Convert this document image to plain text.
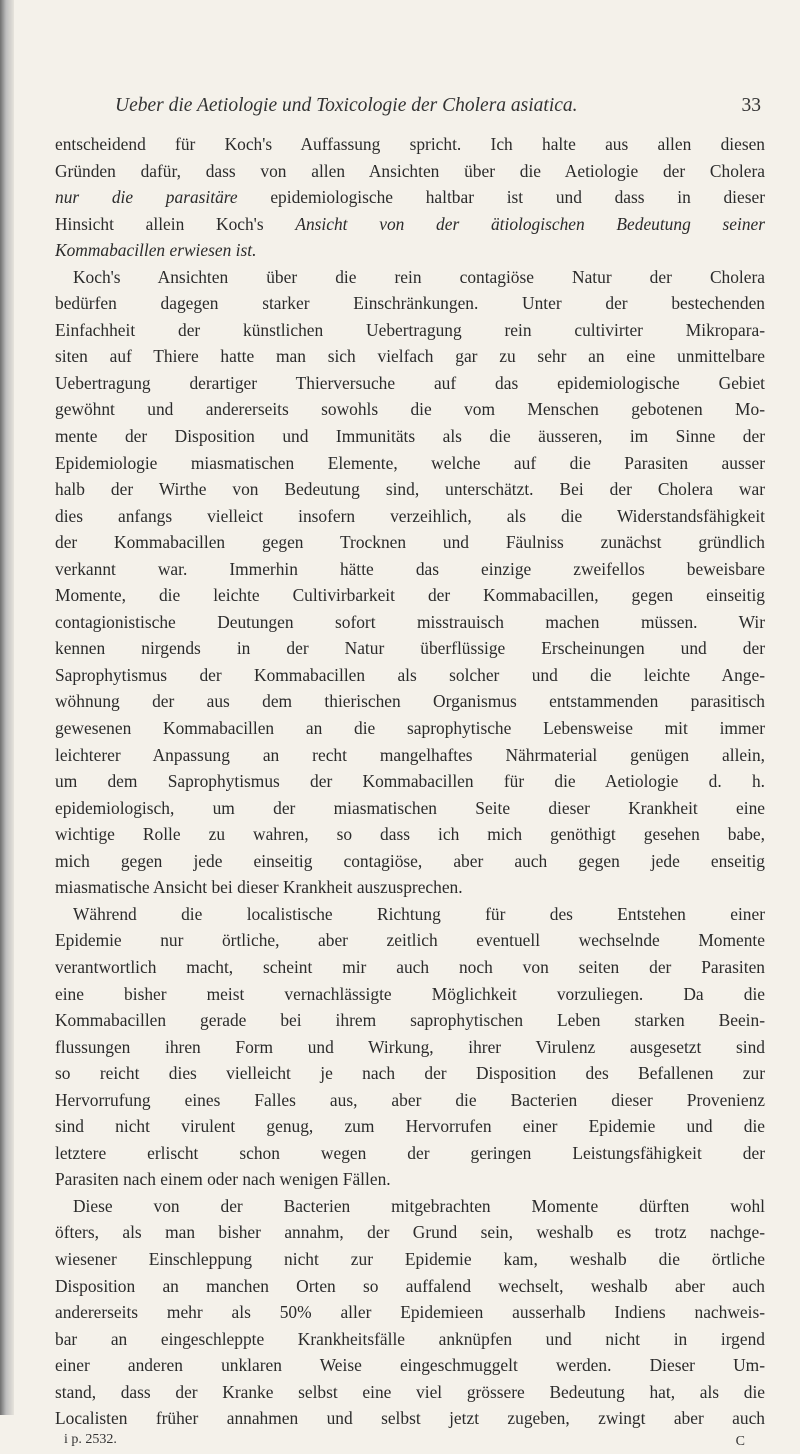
Ueber die Aetiologie und Toxicologie der Cholera asiatica.	33
entscheidend für Koch's Auffassung spricht. Ich halte aus allen diesen
Gründen dafür, dass von allen Ansichten über die Aetiologie der Cholera
nur die parasitäre epidemiologische haltbar ist und dass in dieser
Hinsicht allein Koch's Ansicht von der ätiologischen Bedeutung seiner
Kommabacillen erwiesen ist.
Koch's Ansichten über die rein contagiöse Natur der Cholera
bedürfen dagegen starker Einschränkungen. Unter der bestechenden
Einfachheit der künstlichen Uebertragung rein cultivirter Mikropara-
siten auf Thiere hatte man sich vielfach gar zu sehr an eine unmittelbare
Uebertragung derartiger Thierversuche auf das epidemiologische Gebiet
gewöhnt und andererseits sowohls die vom Menschen gebotenen Mo-
mente der Disposition und Immunitäts als die äusseren, im Sinne der
Epidemiologie miasmatischen Elemente, welche auf die Parasiten ausser
halb der Wirthe von Bedeutung sind, unterschätzt. Bei der Cholera war
dies anfangs vielleict insofern verzeihlich, als die Widerstandsfähigkeit
der Kommabacillen gegen Trocknen und Fäulniss zunächst gründlich
verkannt war. Immerhin hätte das einzige zweifellos beweisbare
Momente, die leichte Cultivirbarkeit der Kommabacillen, gegen einseitig
contagionistische Deutungen sofort misstrauisch machen müssen. Wir
kennen nirgends in der Natur überflüssige Erscheinungen und der
Saprophytismus der Kommabacillen als solcher und die leichte Ange-
wöhnung der aus dem thierischen Organismus entstammenden parasitisch
gewesenen Kommabacillen an die saprophytische Lebensweise mit immer
leichterer Anpassung an recht mangelhaftes Nährmaterial genügen allein,
um dem Saprophytismus der Kommabacillen für die Aetiologie d. h.
epidemiologisch, um der miasmatischen Seite dieser Krankheit eine
wichtige Rolle zu wahren, so dass ich mich genöthigt gesehen babe,
mich gegen jede einseitig contagiöse, aber auch gegen jede enseitig
miasmatische Ansicht bei dieser Krankheit auszusprechen.
Während die localistische Richtung für des Entstehen einer
Epidemie nur örtliche, aber zeitlich eventuell wechselnde Momente
verantwortlich macht, scheint mir auch noch von seiten der Parasiten
eine bisher meist vernachlässigte Möglichkeit vorzuliegen. Da die
Kommabacillen gerade bei ihrem saprophytischen Leben starken Beein-
flussungen ihren Form und Wirkung, ihrer Virulenz ausgesetzt sind
so reicht dies vielleicht je nach der Disposition des Befallenen zur
Hervorrufung eines Falles aus, aber die Bacterien dieser Provenienz
sind nicht virulent genug, zum Hervorrufen einer Epidemie und die
letztere erlischt schon wegen der geringen Leistungsfähigkeit der
Parasiten nach einem oder nach wenigen Fällen.
Diese von der Bacterien mitgebrachten Momente dürften wohl
öfters, als man bisher annahm, der Grund sein, weshalb es trotz nachge-
wiesener Einschleppung nicht zur Epidemie kam, weshalb die örtliche
Disposition an manchen Orten so auffalend wechselt, weshalb aber auch
andererseits mehr als 50% aller Epidemieen ausserhalb Indiens nachweis-
bar an eingeschleppte Krankheitsfälle anknüpfen und nicht in irgend
einer anderen unklaren Weise eingeschmuggelt werden. Dieser Um-
stand, dass der Kranke selbst eine viel grössere Bedeutung hat, als die
Localisten früher annahmen und selbst jetzt zugeben, zwingt aber auch
i p. 2532.	C
